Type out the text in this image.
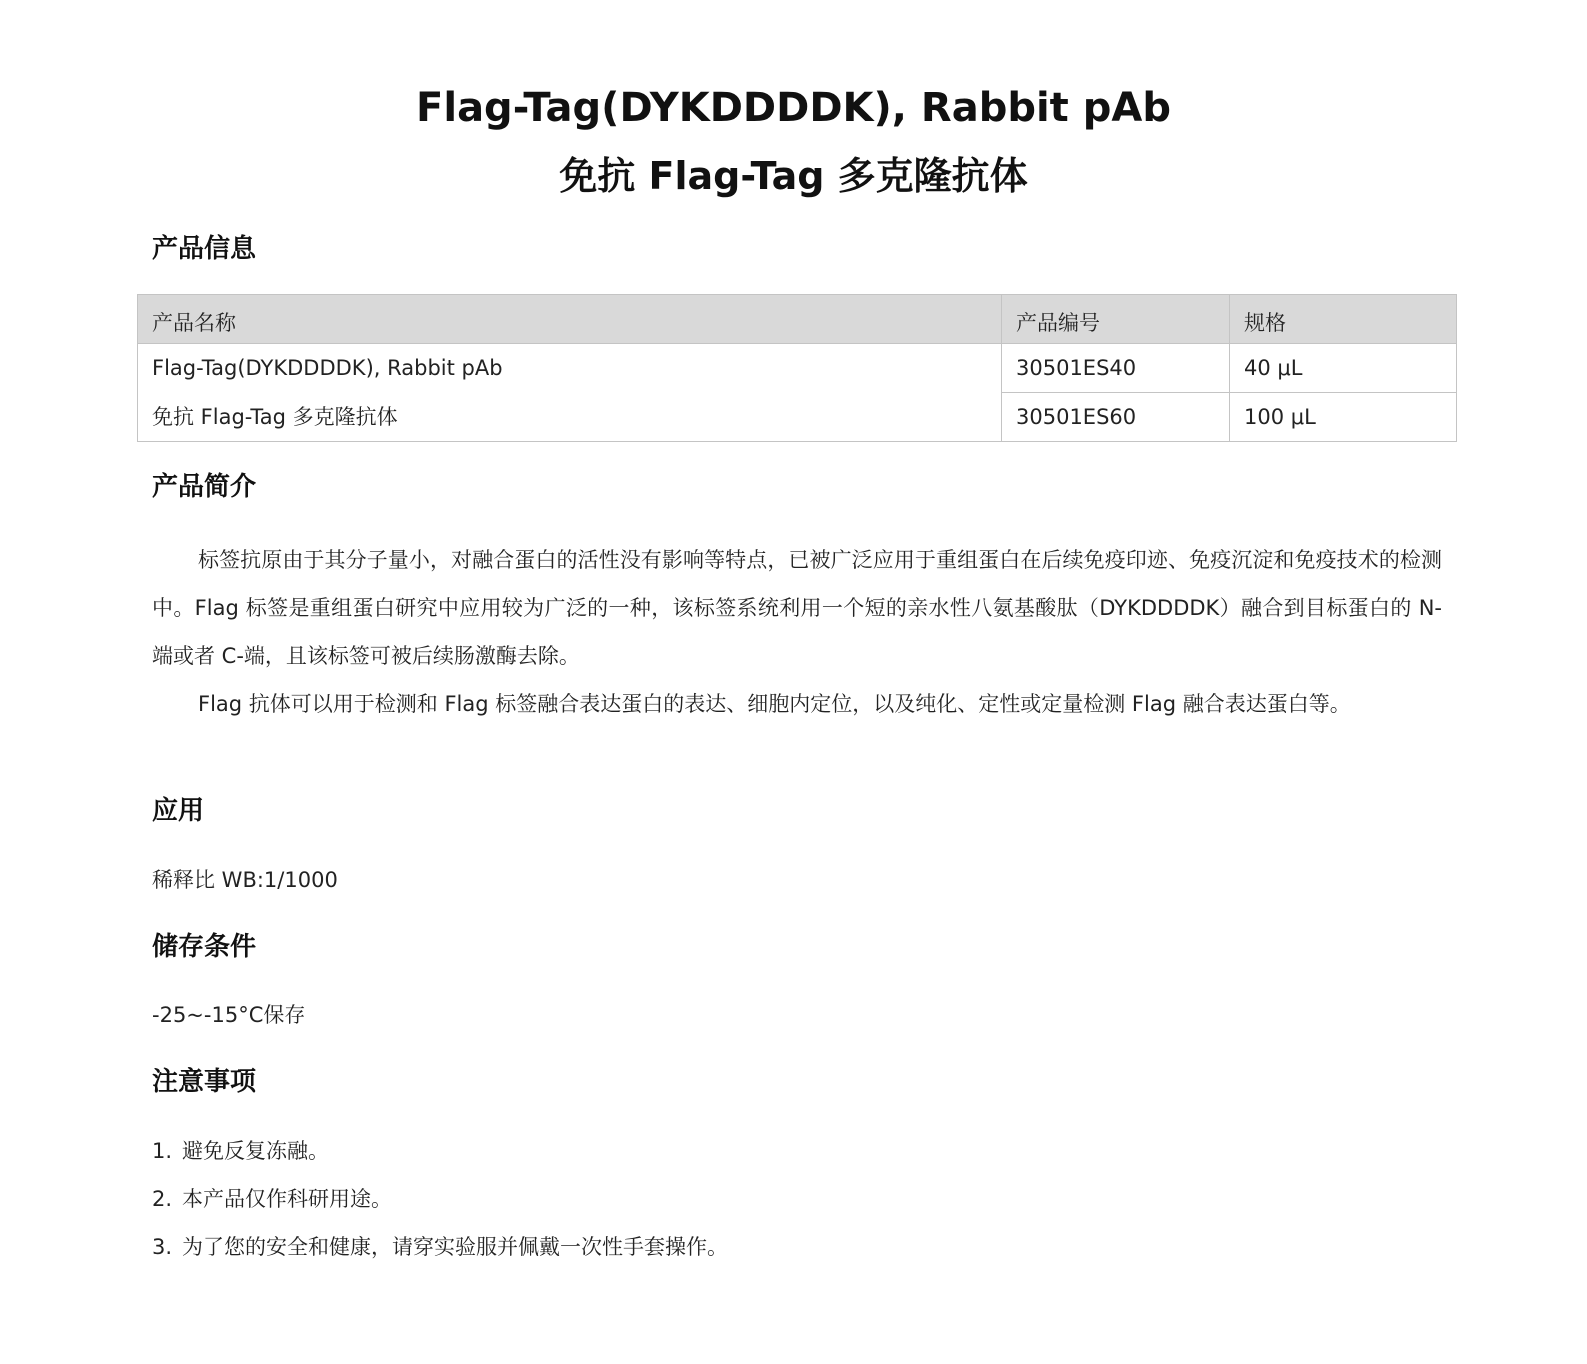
Flag-Tag(DYKDDDDK), Rabbit pAb
免抗 Flag-Tag 多克隆抗体
产品信息
产品名称	产品编号	规格
Flag-Tag(DYKDDDDK), Rabbit pAb	30501ES40	40 μL
免抗 Flag-Tag 多克隆抗体	30501ES60	100 μL
产品简介

标签抗原由于其分子量小，对融合蛋白的活性没有影响等特点，已被广泛应用于重组蛋白在后续免疫印迹、免疫沉淀和免疫技术的检测中。Flag 标签是重组蛋白研究中应用较为广泛的一种，该标签系统利用一个短的亲水性八氨基酸肽（DYKDDDDK）融合到目标蛋白的 N-端或者 C-端，且该标签可被后续肠激酶去除。

Flag 抗体可以用于检测和 Flag 标签融合表达蛋白的表达、细胞内定位，以及纯化、定性或定量检测 Flag 融合表达蛋白等。

应用

稀释比 WB:1/1000

储存条件

-25~-15°C保存

注意事项

1. 避免反复冻融。

2. 本产品仅作科研用途。

3. 为了您的安全和健康，请穿实验服并佩戴一次性手套操作。
